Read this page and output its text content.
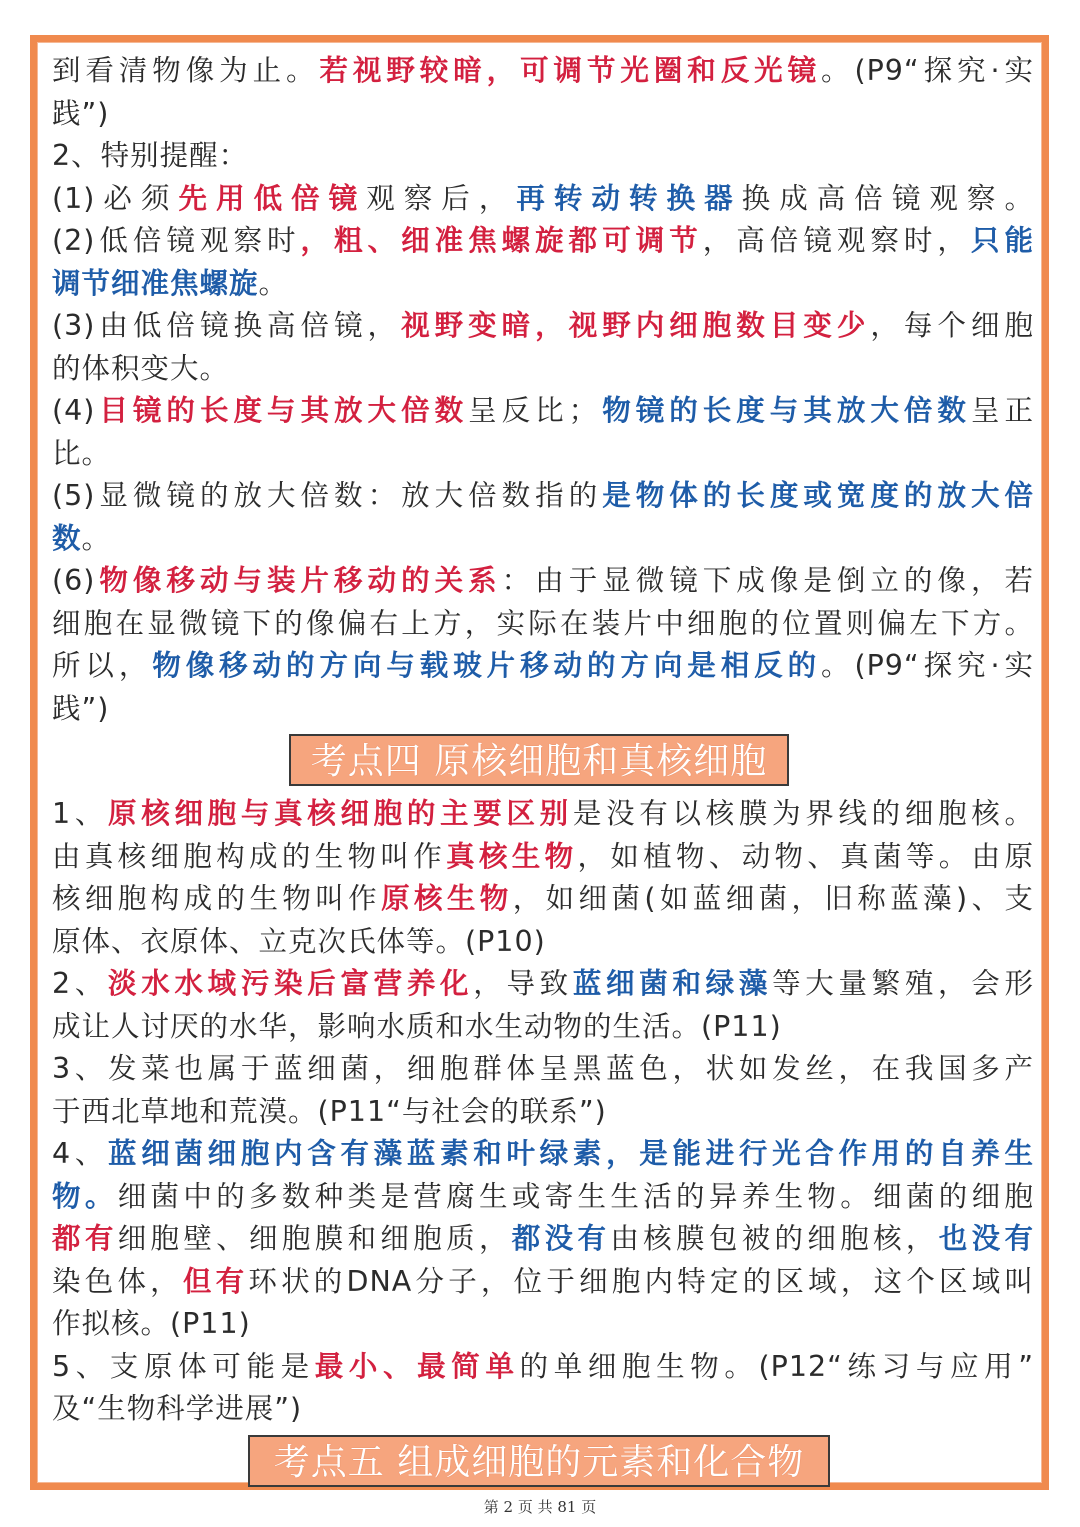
到看清物像为止。若视野较暗，可调节光圈和反光镜。(P9“探究·实
践”)
2、特别提醒：
(1)必须先用低倍镜观察后，再转动转换器换成高倍镜观察。
(2)低倍镜观察时，粗、细准焦螺旋都可调节，高倍镜观察时，只能
调节细准焦螺旋。
(3)由低倍镜换高倍镜，视野变暗，视野内细胞数目变少，每个细胞
的体积变大。
(4)目镜的长度与其放大倍数呈反比；物镜的长度与其放大倍数呈正
比。
(5)显微镜的放大倍数：放大倍数指的是物体的长度或宽度的放大倍
数。
(6)物像移动与装片移动的关系：由于显微镜下成像是倒立的像，若
细胞在显微镜下的像偏右上方，实际在装片中细胞的位置则偏左下方。
所以，物像移动的方向与载玻片移动的方向是相反的。(P9“探究·实
践”)
考点四 原核细胞和真核细胞
1、原核细胞与真核细胞的主要区别是没有以核膜为界线的细胞核。
由真核细胞构成的生物叫作真核生物，如植物、动物、真菌等。由原
核细胞构成的生物叫作原核生物，如细菌(如蓝细菌，旧称蓝藻)、支
原体、衣原体、立克次氏体等。(P10)
2、淡水水域污染后富营养化，导致蓝细菌和绿藻等大量繁殖，会形
成让人讨厌的水华，影响水质和水生动物的生活。(P11)
3、发菜也属于蓝细菌，细胞群体呈黑蓝色，状如发丝，在我国多产
于西北草地和荒漠。(P11“与社会的联系”)
4、蓝细菌细胞内含有藻蓝素和叶绿素，是能进行光合作用的自养生
物。细菌中的多数种类是营腐生或寄生生活的异养生物。细菌的细胞
都有细胞壁、细胞膜和细胞质，都没有由核膜包被的细胞核，也没有
染色体，但有环状的DNA分子，位于细胞内特定的区域，这个区域叫
作拟核。(P11)
5、支原体可能是最小、最简单的单细胞生物。(P12“练习与应用”
及“生物科学进展”)
考点五 组成细胞的元素和化合物
第 2 页 共 81 页
